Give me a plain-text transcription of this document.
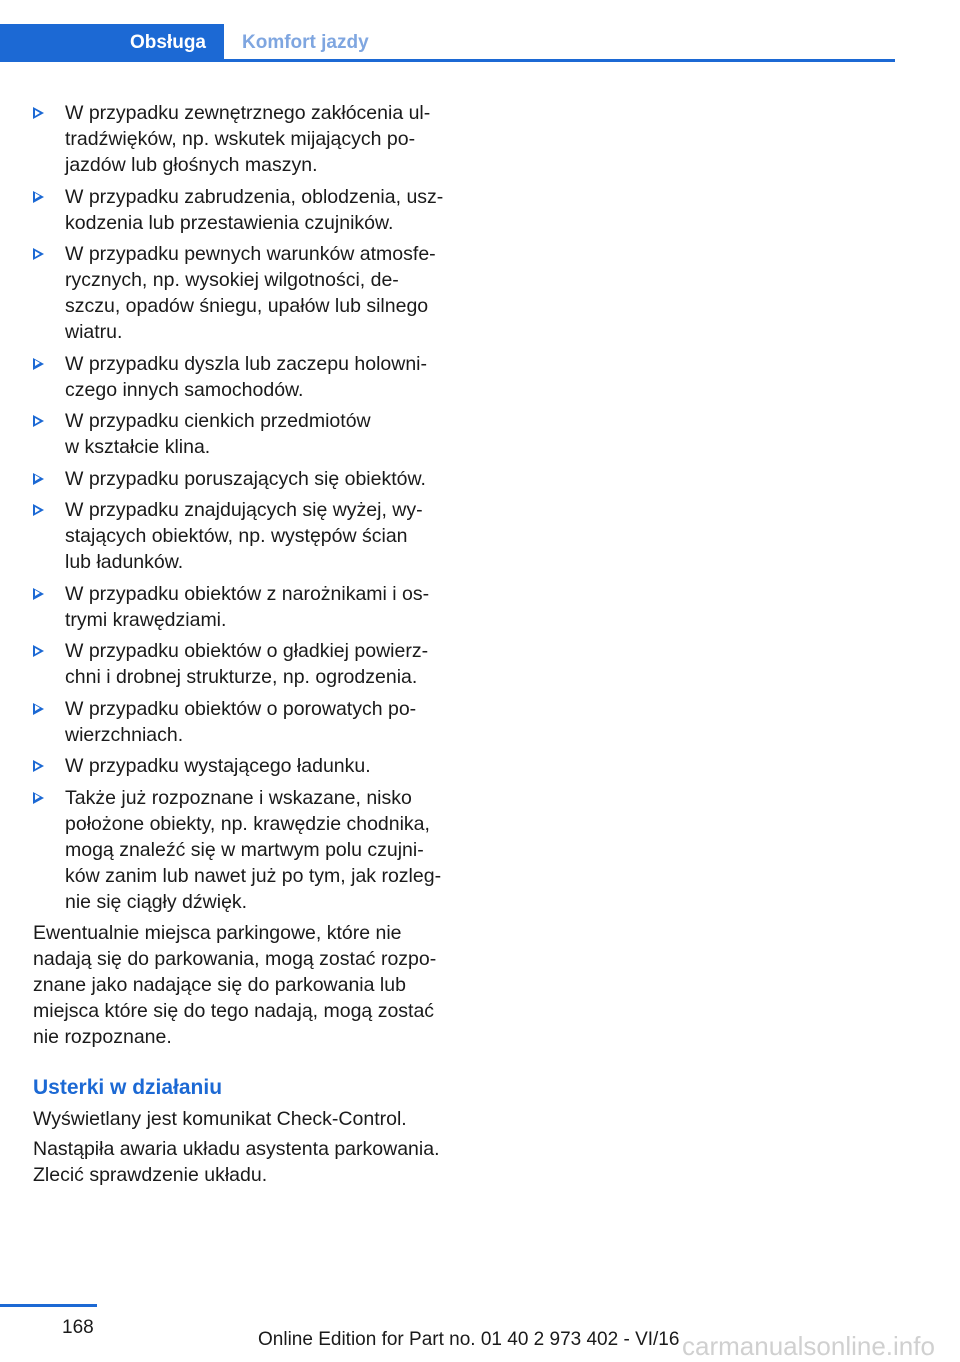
Obsługa	Komfort jazdy
W przypadku zewnętrznego zakłócenia ul‐
tradźwięków, np. wskutek mijających po‐
jazdów lub głośnych maszyn.
W przypadku zabrudzenia, oblodzenia, usz‐
kodzenia lub przestawienia czujników.
W przypadku pewnych warunków atmosfe‐
rycznych, np. wysokiej wilgotności, de‐
szczu, opadów śniegu, upałów lub silnego
wiatru.
W przypadku dyszla lub zaczepu holowni‐
czego innych samochodów.
W przypadku cienkich przedmiotów
w kształcie klina.
W przypadku poruszających się obiektów.
W przypadku znajdujących się wyżej, wy‐
stających obiektów, np. występów ścian
lub ładunków.
W przypadku obiektów z narożnikami i os‐
trymi krawędziami.
W przypadku obiektów o gładkiej powierz‐
chni i drobnej strukturze, np. ogrodzenia.
W przypadku obiektów o porowatych po‐
wierzchniach.
W przypadku wystającego ładunku.
Także już rozpoznane i wskazane, nisko
położone obiekty, np. krawędzie chodnika,
mogą znaleźć się w martwym polu czujni‐
ków zanim lub nawet już po tym, jak rozleg‐
nie się ciągły dźwięk.

Ewentualnie miejsca parkingowe, które nie
nadają się do parkowania, mogą zostać rozpo‐
znane jako nadające się do parkowania lub
miejsca które się do tego nadają, mogą zostać
nie rozpoznane.

Usterki w działaniu

Wyświetlany jest komunikat Check-Control.

Nastąpiła awaria układu asystenta parkowania.
Zlecić sprawdzenie układu.

168
Online Edition for Part no. 01 40 2 973 402 - VI/16 carmanualsonline.info
